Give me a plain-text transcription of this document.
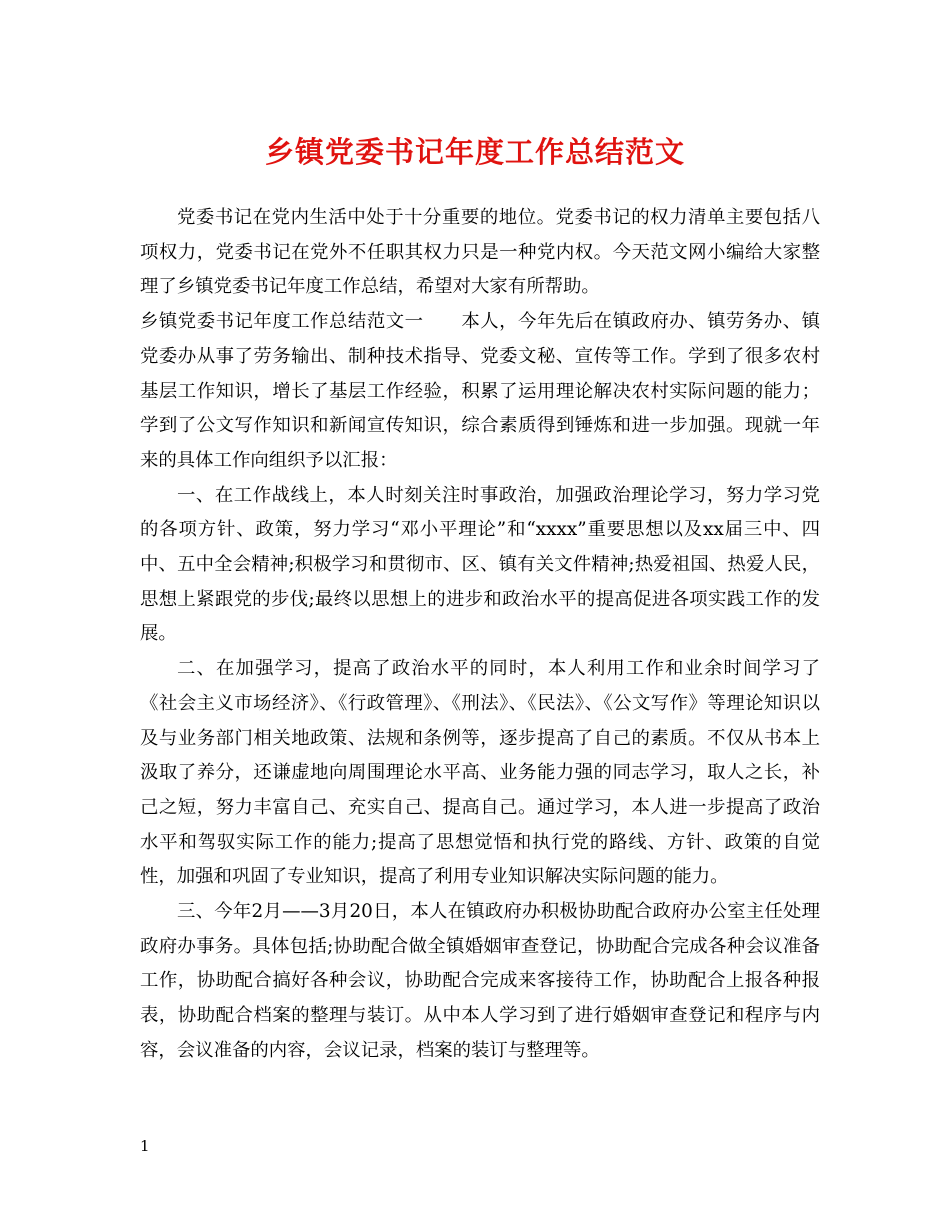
乡镇党委书记年度工作总结范文

党委书记在党内生活中处于十分重要的地位。党委书记的权力清单主要包括八项权力，党委书记在党外不任职其权力只是一种党内权。今天范文网小编给大家整理了乡镇党委书记年度工作总结，希望对大家有所帮助。

乡镇党委书记年度工作总结范文一　　本人，今年先后在镇政府办、镇劳务办、镇党委办从事了劳务输出、制种技术指导、党委文秘、宣传等工作。学到了很多农村基层工作知识，增长了基层工作经验，积累了运用理论解决农村实际问题的能力；学到了公文写作知识和新闻宣传知识，综合素质得到锤炼和进一步加强。现就一年来的具体工作向组织予以汇报：

一、在工作战线上，本人时刻关注时事政治，加强政治理论学习，努力学习党的各项方针、政策，努力学习“邓小平理论”和“xxxx”重要思想以及xx届三中、四中、五中全会精神;积极学习和贯彻市、区、镇有关文件精神;热爱祖国、热爱人民，思想上紧跟党的步伐;最终以思想上的进步和政治水平的提高促进各项实践工作的发展。

二、在加强学习，提高了政治水平的同时，本人利用工作和业余时间学习了《社会主义市场经济》、《行政管理》、《刑法》、《民法》、《公文写作》等理论知识以及与业务部门相关地政策、法规和条例等，逐步提高了自己的素质。不仅从书本上汲取了养分，还谦虚地向周围理论水平高、业务能力强的同志学习，取人之长，补己之短，努力丰富自己、充实自己、提高自己。通过学习，本人进一步提高了政治水平和驾驭实际工作的能力;提高了思想觉悟和执行党的路线、方针、政策的自觉性，加强和巩固了专业知识，提高了利用专业知识解决实际问题的能力。

三、今年2月——3月20日，本人在镇政府办积极协助配合政府办公室主任处理政府办事务。具体包括;协助配合做全镇婚姻审查登记，协助配合完成各种会议准备工作，协助配合搞好各种会议，协助配合完成来客接待工作，协助配合上报各种报表，协助配合档案的整理与装订。从中本人学习到了进行婚姻审查登记和程序与内容，会议准备的内容，会议记录，档案的装订与整理等。

1
